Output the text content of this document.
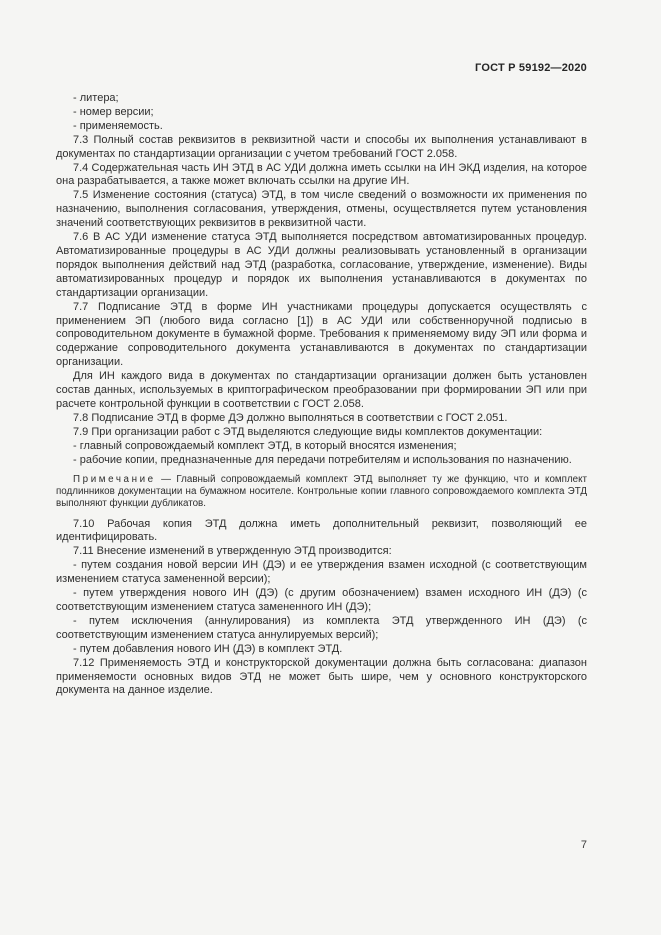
ГОСТ Р 59192—2020

- литера;

- номер версии;

- применяемость.

7.3 Полный состав реквизитов в реквизитной части и способы их выполнения устанавливают в документах по стандартизации организации с учетом требований ГОСТ 2.058.

7.4 Содержательная часть ИН ЭТД в АС УДИ должна иметь ссылки на ИН ЭКД изделия, на которое она разрабатывается, а также может включать ссылки на другие ИН.

7.5 Изменение состояния (статуса) ЭТД, в том числе сведений о возможности их применения по назначению, выполнения согласования, утверждения, отмены, осуществляется путем установления значений соответствующих реквизитов в реквизитной части.

7.6 В АС УДИ изменение статуса ЭТД выполняется посредством автоматизированных процедур. Автоматизированные процедуры в АС УДИ должны реализовывать установленный в организации порядок выполнения действий над ЭТД (разработка, согласование, утверждение, изменение). Виды автоматизированных процедур и порядок их выполнения устанавливаются в документах по стандартизации организации.

7.7 Подписание ЭТД в форме ИН участниками процедуры допускается осуществлять с применением ЭП (любого вида согласно [1]) в АС УДИ или собственноручной подписью в сопроводительном документе в бумажной форме. Требования к применяемому виду ЭП или форма и содержание сопроводительного документа устанавливаются в документах по стандартизации организации.

Для ИН каждого вида в документах по стандартизации организации должен быть установлен состав данных, используемых в криптографическом преобразовании при формировании ЭП или при расчете контрольной функции в соответствии с ГОСТ 2.058.

7.8 Подписание ЭТД в форме ДЭ должно выполняться в соответствии с ГОСТ 2.051.

7.9 При организации работ с ЭТД выделяются следующие виды комплектов документации:

- главный сопровождаемый комплект ЭТД, в который вносятся изменения;

- рабочие копии, предназначенные для передачи потребителям и использования по назначению.

Примечание — Главный сопровождаемый комплект ЭТД выполняет ту же функцию, что и комплект подлинников документации на бумажном носителе. Контрольные копии главного сопровождаемого комплекта ЭТД выполняют функции дубликатов.

7.10 Рабочая копия ЭТД должна иметь дополнительный реквизит, позволяющий ее идентифицировать.

7.11 Внесение изменений в утвержденную ЭТД производится:

- путем создания новой версии ИН (ДЭ) и ее утверждения взамен исходной (с соответствующим изменением статуса замененной версии);

- путем утверждения нового ИН (ДЭ) (с другим обозначением) взамен исходного ИН (ДЭ) (с соответствующим изменением статуса замененного ИН (ДЭ);

- путем исключения (аннулирования) из комплекта ЭТД утвержденного ИН (ДЭ) (с соответствующим изменением статуса аннулируемых версий);

- путем добавления нового ИН (ДЭ) в комплект ЭТД.

7.12 Применяемость ЭТД и конструкторской документации должна быть согласована: диапазон применяемости основных видов ЭТД не может быть шире, чем у основного конструкторского документа на данное изделие.

7
